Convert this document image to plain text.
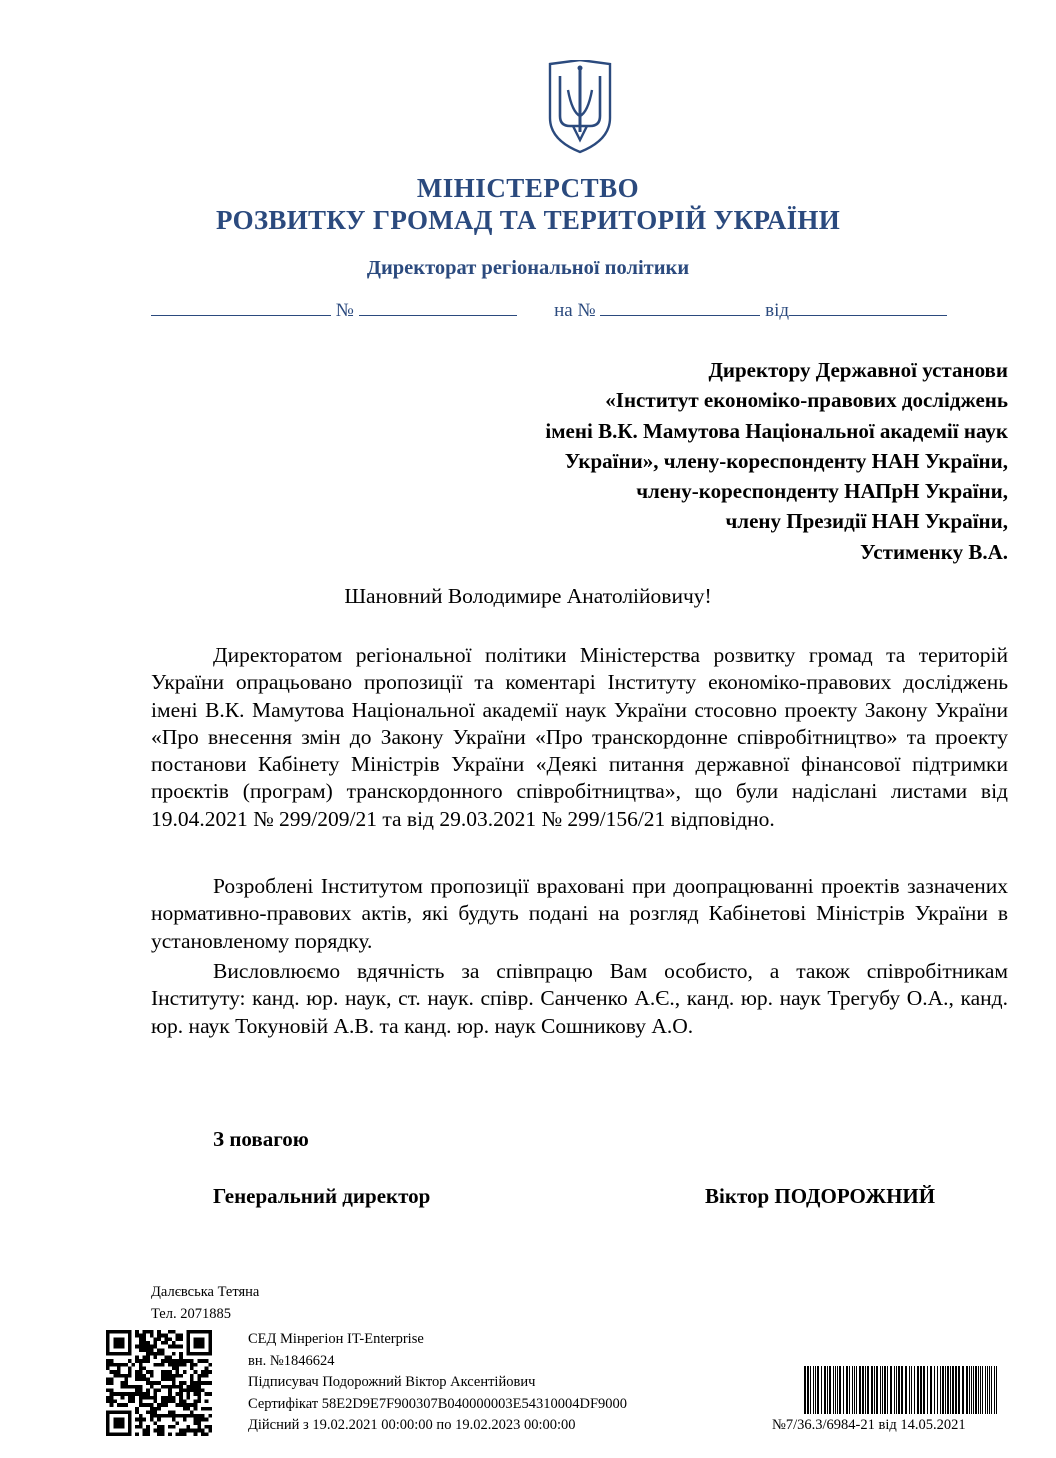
МІНІСТЕРСТВО
РОЗВИТКУ ГРОМАД ТА ТЕРИТОРІЙ УКРАЇНИ
Директорат регіональної політики
№	на №	від
Директору Державної установи
«Інститут економіко-правових досліджень
імені В.К. Мамутова Національної академії наук
України», члену-кореспонденту НАН України,
члену-кореспонденту НАПрН України,
члену Президії НАН України,
Устименку В.А.
Шановний Володимире Анатолійовичу!

Директоратом регіональної політики Міністерства розвитку громад та територій України опрацьовано пропозиції та коментарі Інституту економіко-правових досліджень імені В.К. Мамутова Національної академії наук України стосовно проекту Закону України «Про внесення змін до Закону України «Про транскордонне співробітництво» та проекту постанови Кабінету Міністрів України «Деякі питання державної фінансової підтримки проєктів (програм) транскордонного співробітництва», що були надіслані листами від 19.04.2021 № 299/209/21 та від 29.03.2021 № 299/156/21 відповідно.

Розроблені Інститутом пропозиції враховані при доопрацюванні проектів зазначених нормативно-правових актів, які будуть подані на розгляд Кабінетові Міністрів України в установленому порядку.

Висловлюємо вдячність за співпрацю Вам особисто, а також співробітникам Інституту: канд. юр. наук, ст. наук. співр. Санченко А.Є., канд. юр. наук Трегубу О.А., канд. юр. наук Токуновій А.В. та канд. юр. наук Сошникову А.О.

З повагою
Генеральний директор	Віктор ПОДОРОЖНИЙ
Далєвська Тетяна
Тел. 2071885
СЕД Мінрегіон IT-Enterprise
вн. №1846624
Підписувач Подорожний Віктор Аксентійович
Сертифікат 58E2D9E7F900307B040000003E54310004DF9000
Дійсний з 19.02.2021 00:00:00 по 19.02.2023 00:00:00	№7/36.3/6984-21 від 14.05.2021
